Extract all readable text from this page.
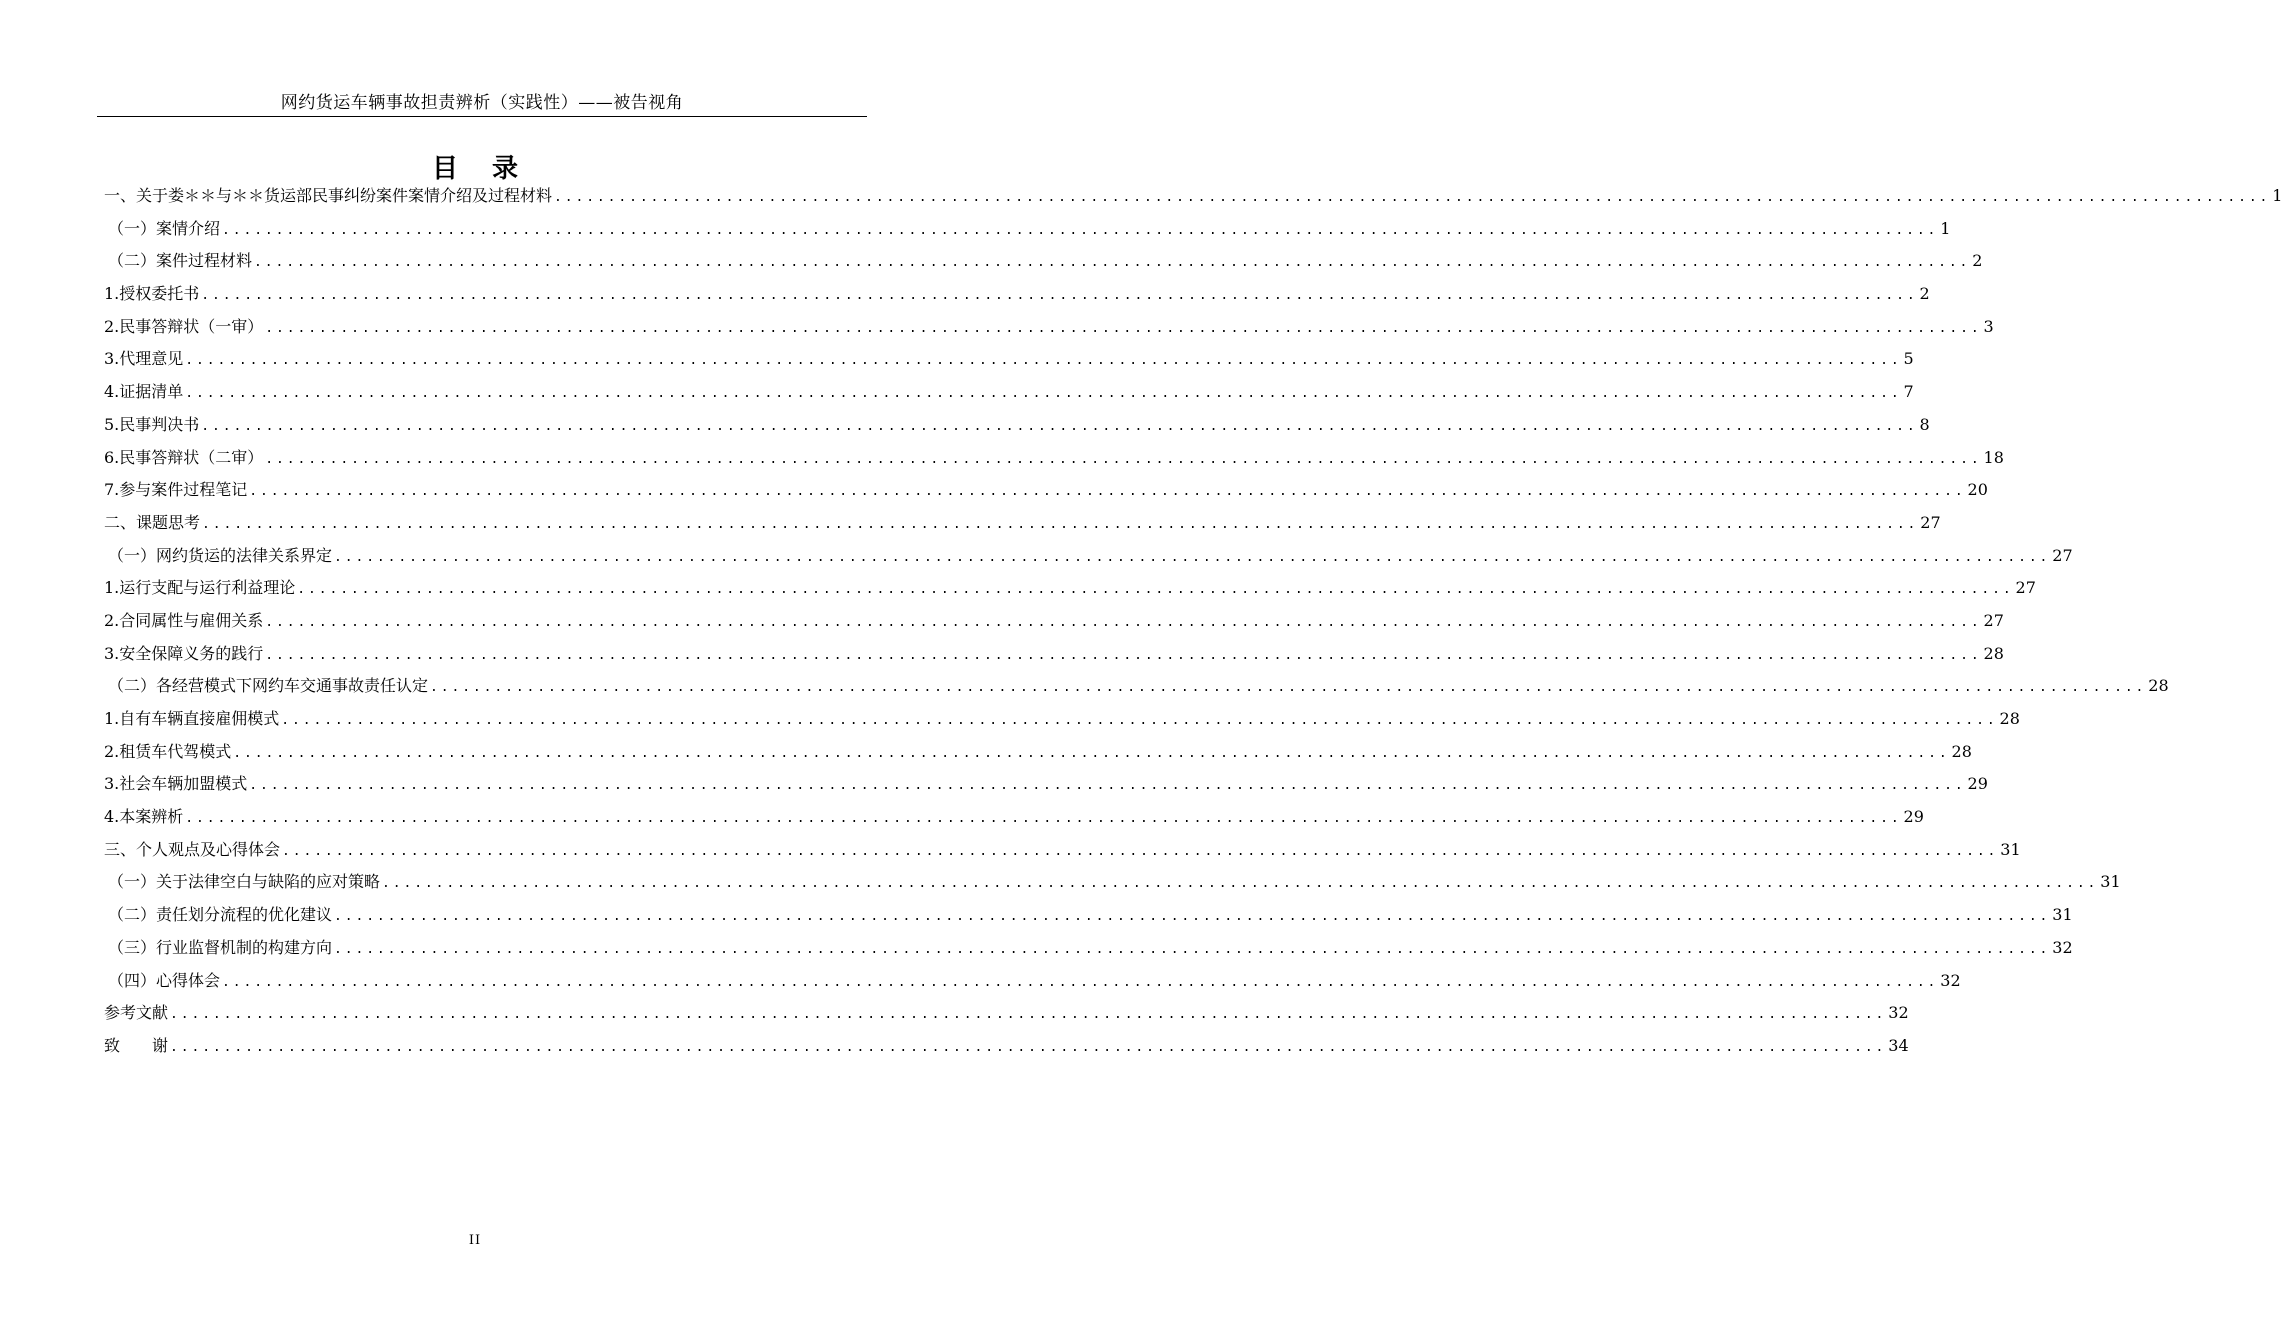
网约货运车辆事故担责辨析（实践性）——被告视角
目录
一、关于娄＊＊与＊＊货运部民事纠纷案件案情介绍及过程材料 ................................................................................................................................................................ 1
（一）案情介绍 ................................................................................................................................................................ 1
（二）案件过程材料 ................................................................................................................................................................ 2
1.授权委托书 ................................................................................................................................................................ 2
2.民事答辩状（一审） ................................................................................................................................................................ 3
3.代理意见 ................................................................................................................................................................ 5
4.证据清单 ................................................................................................................................................................ 7
5.民事判决书 ................................................................................................................................................................ 8
6.民事答辩状（二审） ................................................................................................................................................................ 18
7.参与案件过程笔记 ................................................................................................................................................................ 20
二、课题思考 ................................................................................................................................................................ 27
（一）网约货运的法律关系界定 ................................................................................................................................................................ 27
1.运行支配与运行利益理论 ................................................................................................................................................................ 27
2.合同属性与雇佣关系 ................................................................................................................................................................ 27
3.安全保障义务的践行 ................................................................................................................................................................ 28
（二）各经营模式下网约车交通事故责任认定 ................................................................................................................................................................ 28
1.自有车辆直接雇佣模式 ................................................................................................................................................................ 28
2.租赁车代驾模式 ................................................................................................................................................................ 28
3.社会车辆加盟模式 ................................................................................................................................................................ 29
4.本案辨析 ................................................................................................................................................................ 29
三、个人观点及心得体会 ................................................................................................................................................................ 31
（一）关于法律空白与缺陷的应对策略 ................................................................................................................................................................ 31
（二）责任划分流程的优化建议 ................................................................................................................................................................ 31
（三）行业监督机制的构建方向 ................................................................................................................................................................ 32
（四）心得体会 ................................................................................................................................................................ 32
参考文献 ................................................................................................................................................................ 32
致　　谢 ................................................................................................................................................................ 34
II
